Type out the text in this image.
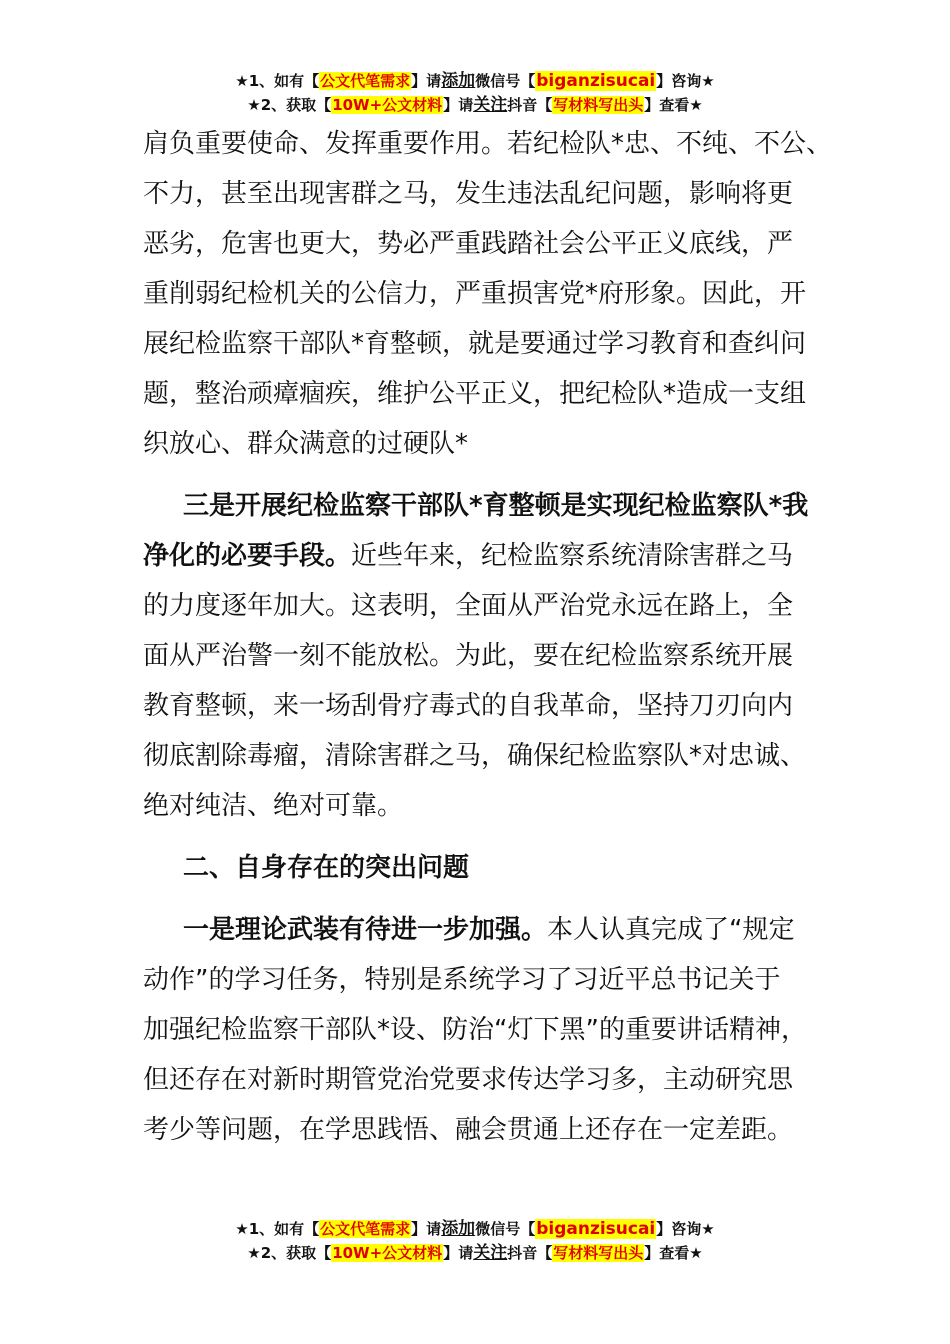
★1、如有【公文代笔需求】请添加微信号【biganzisucai】咨询★
★2、获取【10W+公文材料】请关注抖音【写材料写出头】查看★

肩负重要使命、发挥重要作用。若纪检队*忠、不纯、不公、
不力，甚至出现害群之马，发生违法乱纪问题，影响将更
恶劣，危害也更大，势必严重践踏社会公平正义底线，严
重削弱纪检机关的公信力，严重损害党*府形象。因此，开
展纪检监察干部队*育整顿，就是要通过学习教育和查纠问
题，整治顽瘴痼疾，维护公平正义，把纪检队*造成一支组
织放心、群众满意的过硬队*

三是开展纪检监察干部队*育整顿是实现纪检监察队*我
净化的必要手段。近些年来，纪检监察系统清除害群之马
的力度逐年加大。这表明，全面从严治党永远在路上，全
面从严治警一刻不能放松。为此，要在纪检监察系统开展
教育整顿，来一场刮骨疗毒式的自我革命，坚持刀刃向内
彻底割除毒瘤，清除害群之马，确保纪检监察队*对忠诚、
绝对纯洁、绝对可靠。

二、自身存在的突出问题

一是理论武装有待进一步加强。本人认真完成了“规定
动作”的学习任务，特别是系统学习了习近平总书记关于
加强纪检监察干部队*设、防治“灯下黑”的重要讲话精神，
但还存在对新时期管党治党要求传达学习多，主动研究思
考少等问题，在学思践悟、融会贯通上还存在一定差距。

★1、如有【公文代笔需求】请添加微信号【biganzisucai】咨询★
★2、获取【10W+公文材料】请关注抖音【写材料写出头】查看★
